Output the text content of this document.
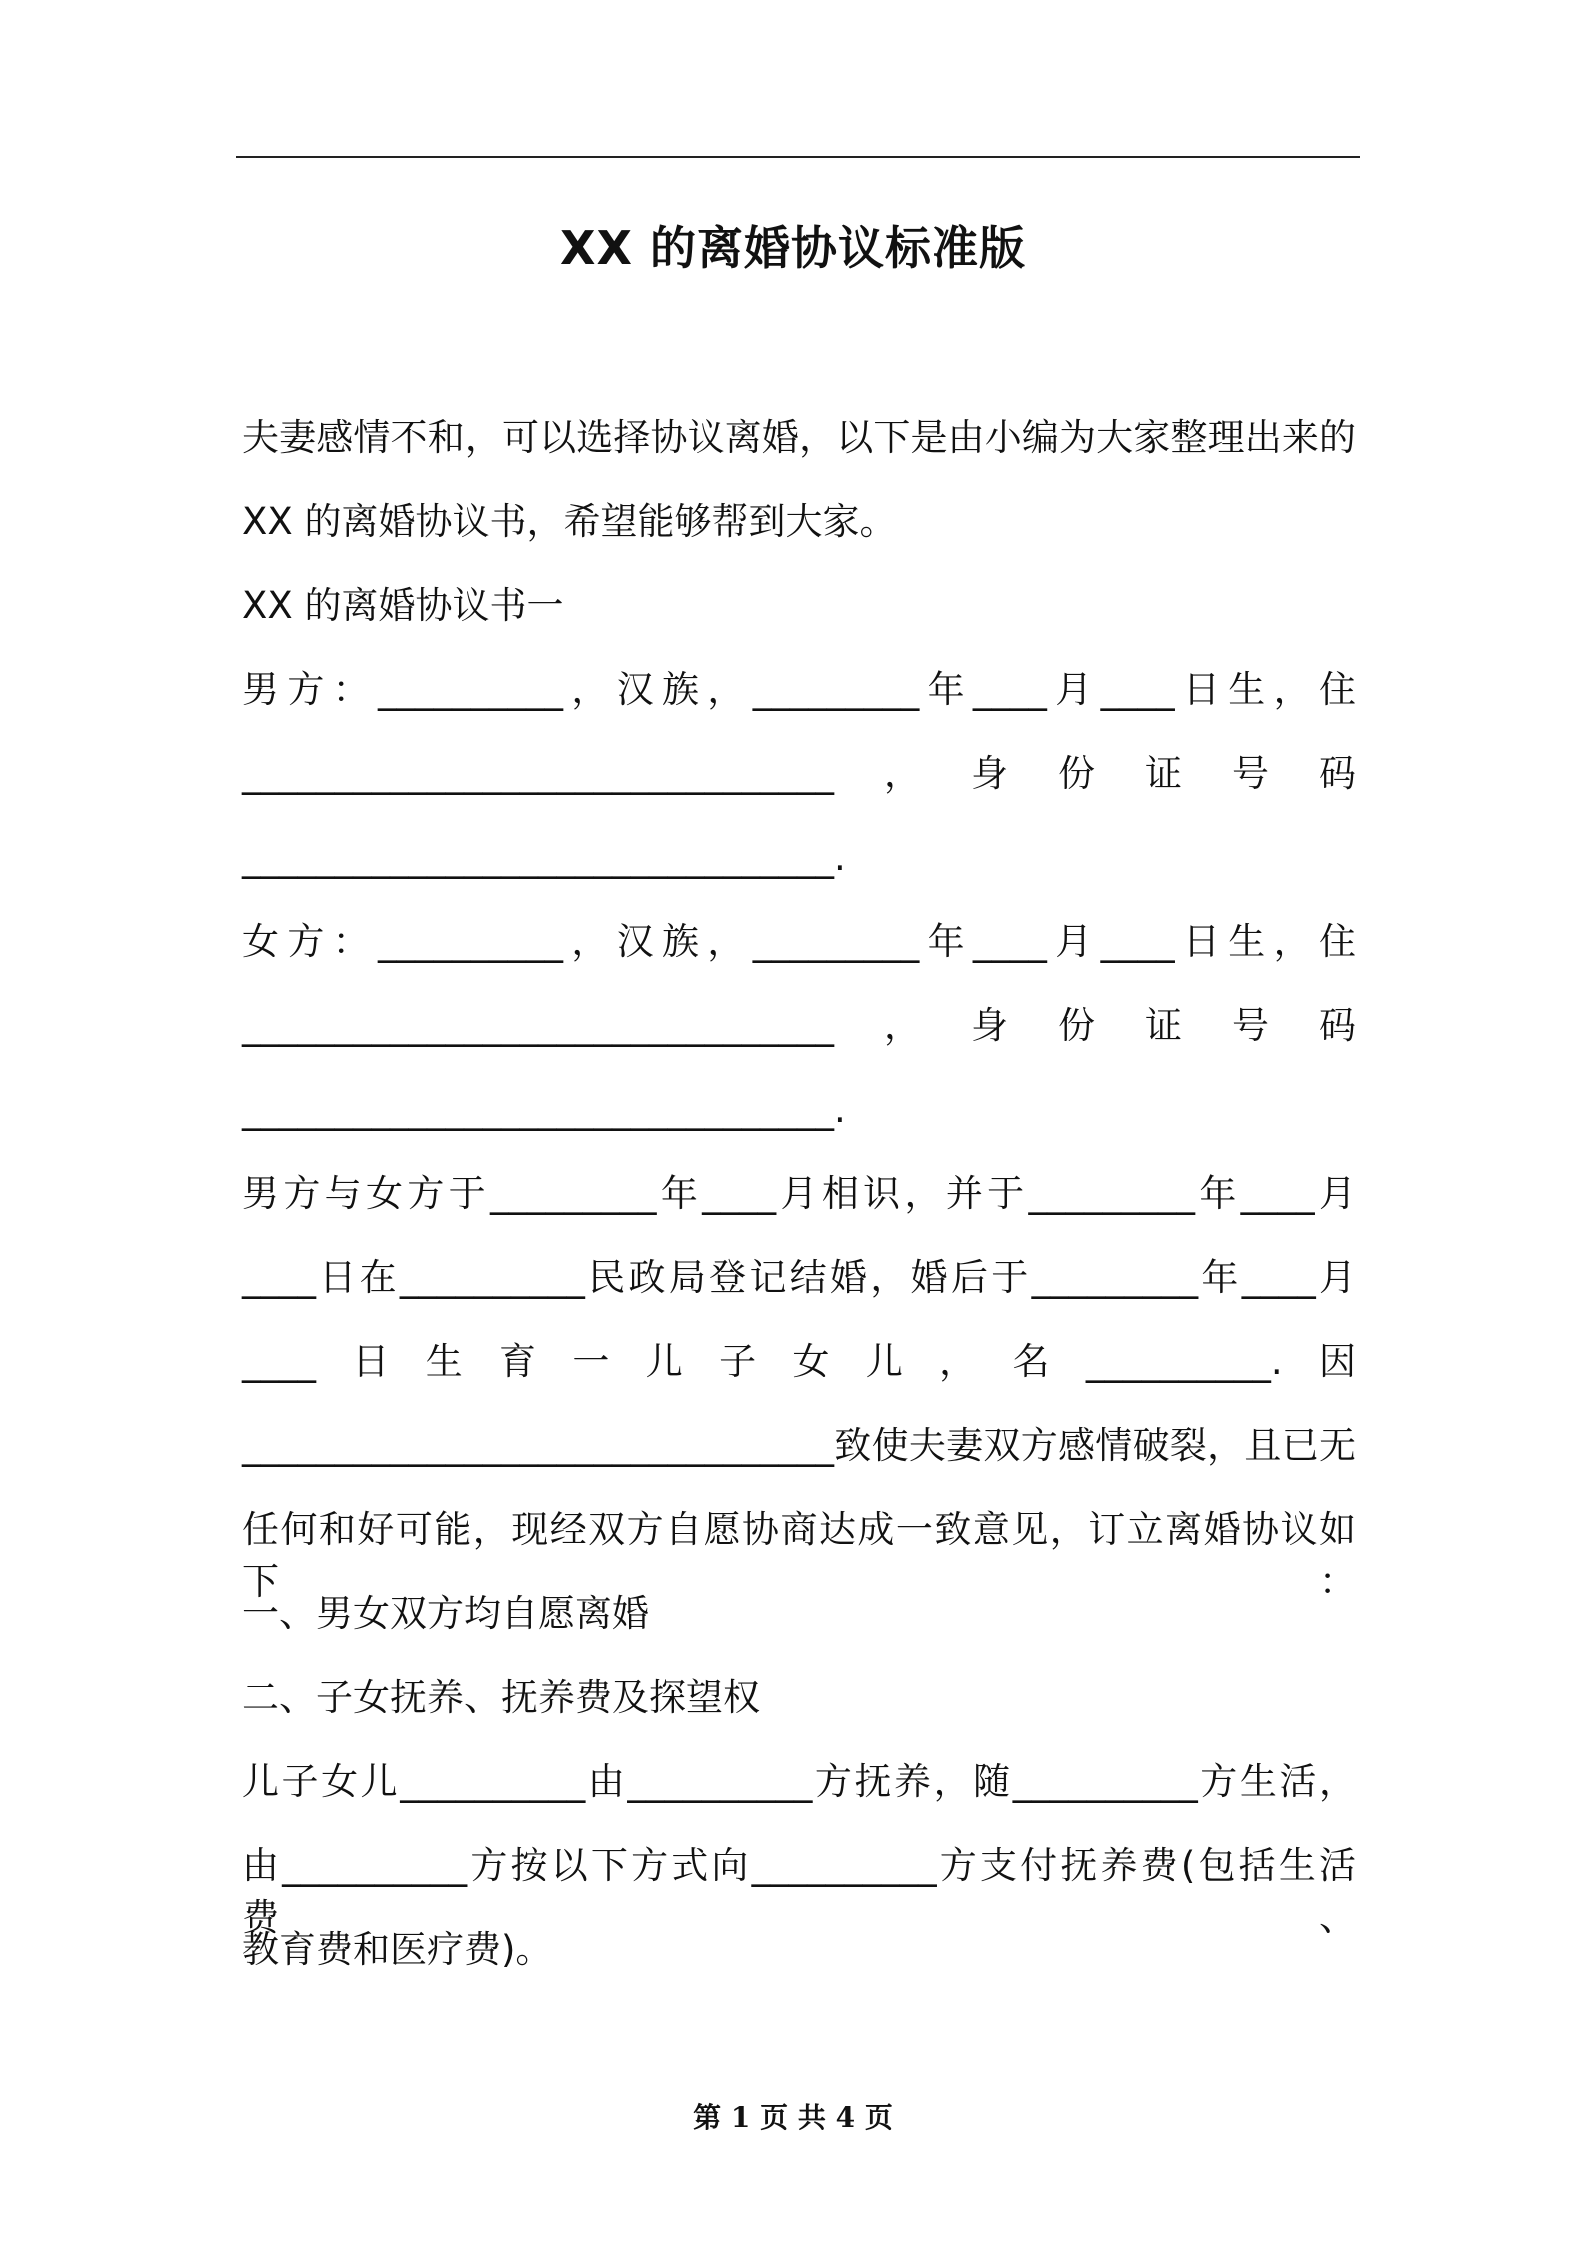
XX 的离婚协议标准版
夫妻感情不和，可以选择协议离婚，以下是由小编为大家整理出来的
XX 的离婚协议书，希望能够帮到大家。
XX 的离婚协议书一
男方：__________，汉族，_________年____月____日生，住
________________________________，身份证号码
________________________________.
女方：__________，汉族，_________年____月____日生，住
________________________________，身份证号码
________________________________.
男方与女方于_________年____月相识，并于_________年____月
____日在__________民政局登记结婚，婚后于_________年____月
____日生育一儿子女儿，名__________.因
________________________________致使夫妻双方感情破裂，且已无
任何和好可能，现经双方自愿协商达成一致意见，订立离婚协议如下：
一、男女双方均自愿离婚
二、子女抚养、抚养费及探望权
儿子女儿__________由__________方抚养，随__________方生活，
由__________方按以下方式向__________方支付抚养费(包括生活费、
教育费和医疗费)。
第 1 页 共 4 页
